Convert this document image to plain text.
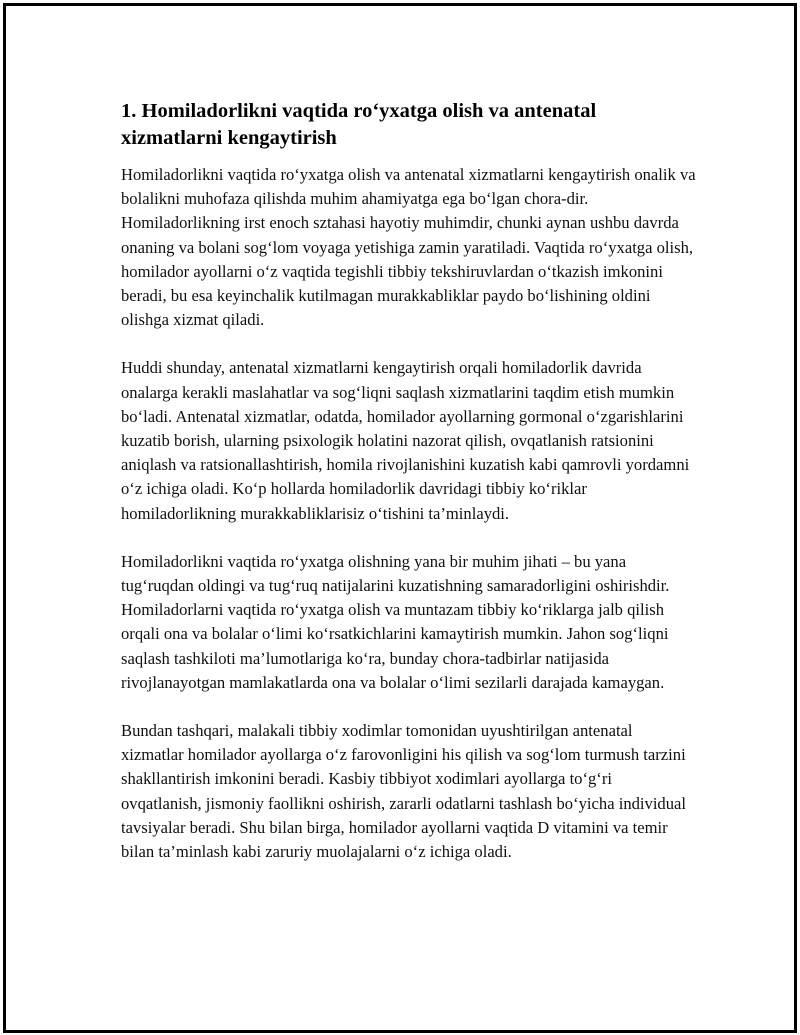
1. Homiladorlikni vaqtida ro‘yxatga olish va antenatal xizmatlarni kengaytirish

Homiladorlikni vaqtida ro‘yxatga olish va antenatal xizmatlarni kengaytirish onalik va bolalikni muhofaza qilishda muhim ahamiyatga ega bo‘lgan chora-dir. Homiladorlikning irst enoch sztahasi hayotiy muhimdir, chunki aynan ushbu davrda onaning va bolani sog‘lom voyaga yetishiga zamin yaratiladi. Vaqtida ro‘yxatga olish, homilador ayollarni o‘z vaqtida tegishli tibbiy tekshiruvlardan o‘tkazish imkonini beradi, bu esa keyinchalik kutilmagan murakkabliklar paydo bo‘lishining oldini olishga xizmat qiladi.

Huddi shunday, antenatal xizmatlarni kengaytirish orqali homiladorlik davrida onalarga kerakli maslahatlar va sog‘liqni saqlash xizmatlarini taqdim etish mumkin bo‘ladi. Antenatal xizmatlar, odatda, homilador ayollarning gormonal o‘zgarishlarini kuzatib borish, ularning psixologik holatini nazorat qilish, ovqatlanish ratsionini aniqlash va ratsionallashtirish, homila rivojlanishini kuzatish kabi qamrovli yordamni o‘z ichiga oladi. Ko‘p hollarda homiladorlik davridagi tibbiy ko‘riklar homiladorlikning murakkabliklarisiz o‘tishini ta’minlaydi.

Homiladorlikni vaqtida ro‘yxatga olishning yana bir muhim jihati – bu yana tug‘ruqdan oldingi va tug‘ruq natijalarini kuzatishning samaradorligini oshirishdir. Homiladorlarni vaqtida ro‘yxatga olish va muntazam tibbiy ko‘riklarga jalb qilish orqali ona va bolalar o‘limi ko‘rsatkichlarini kamaytirish mumkin. Jahon sog‘liqni saqlash tashkiloti ma’lumotlariga ko‘ra, bunday chora-tadbirlar natijasida rivojlanayotgan mamlakatlarda ona va bolalar o‘limi sezilarli darajada kamaygan.

Bundan tashqari, malakali tibbiy xodimlar tomonidan uyushtirilgan antenatal xizmatlar homilador ayollarga o‘z farovonligini his qilish va sog‘lom turmush tarzini shakllantirish imkonini beradi. Kasbiy tibbiyot xodimlari ayollarga to‘g‘ri ovqatlanish, jismoniy faollikni oshirish, zararli odatlarni tashlash bo‘yicha individual tavsiyalar beradi. Shu bilan birga, homilador ayollarni vaqtida D vitamini va temir bilan ta’minlash kabi zaruriy muolajalarni o‘z ichiga oladi.
